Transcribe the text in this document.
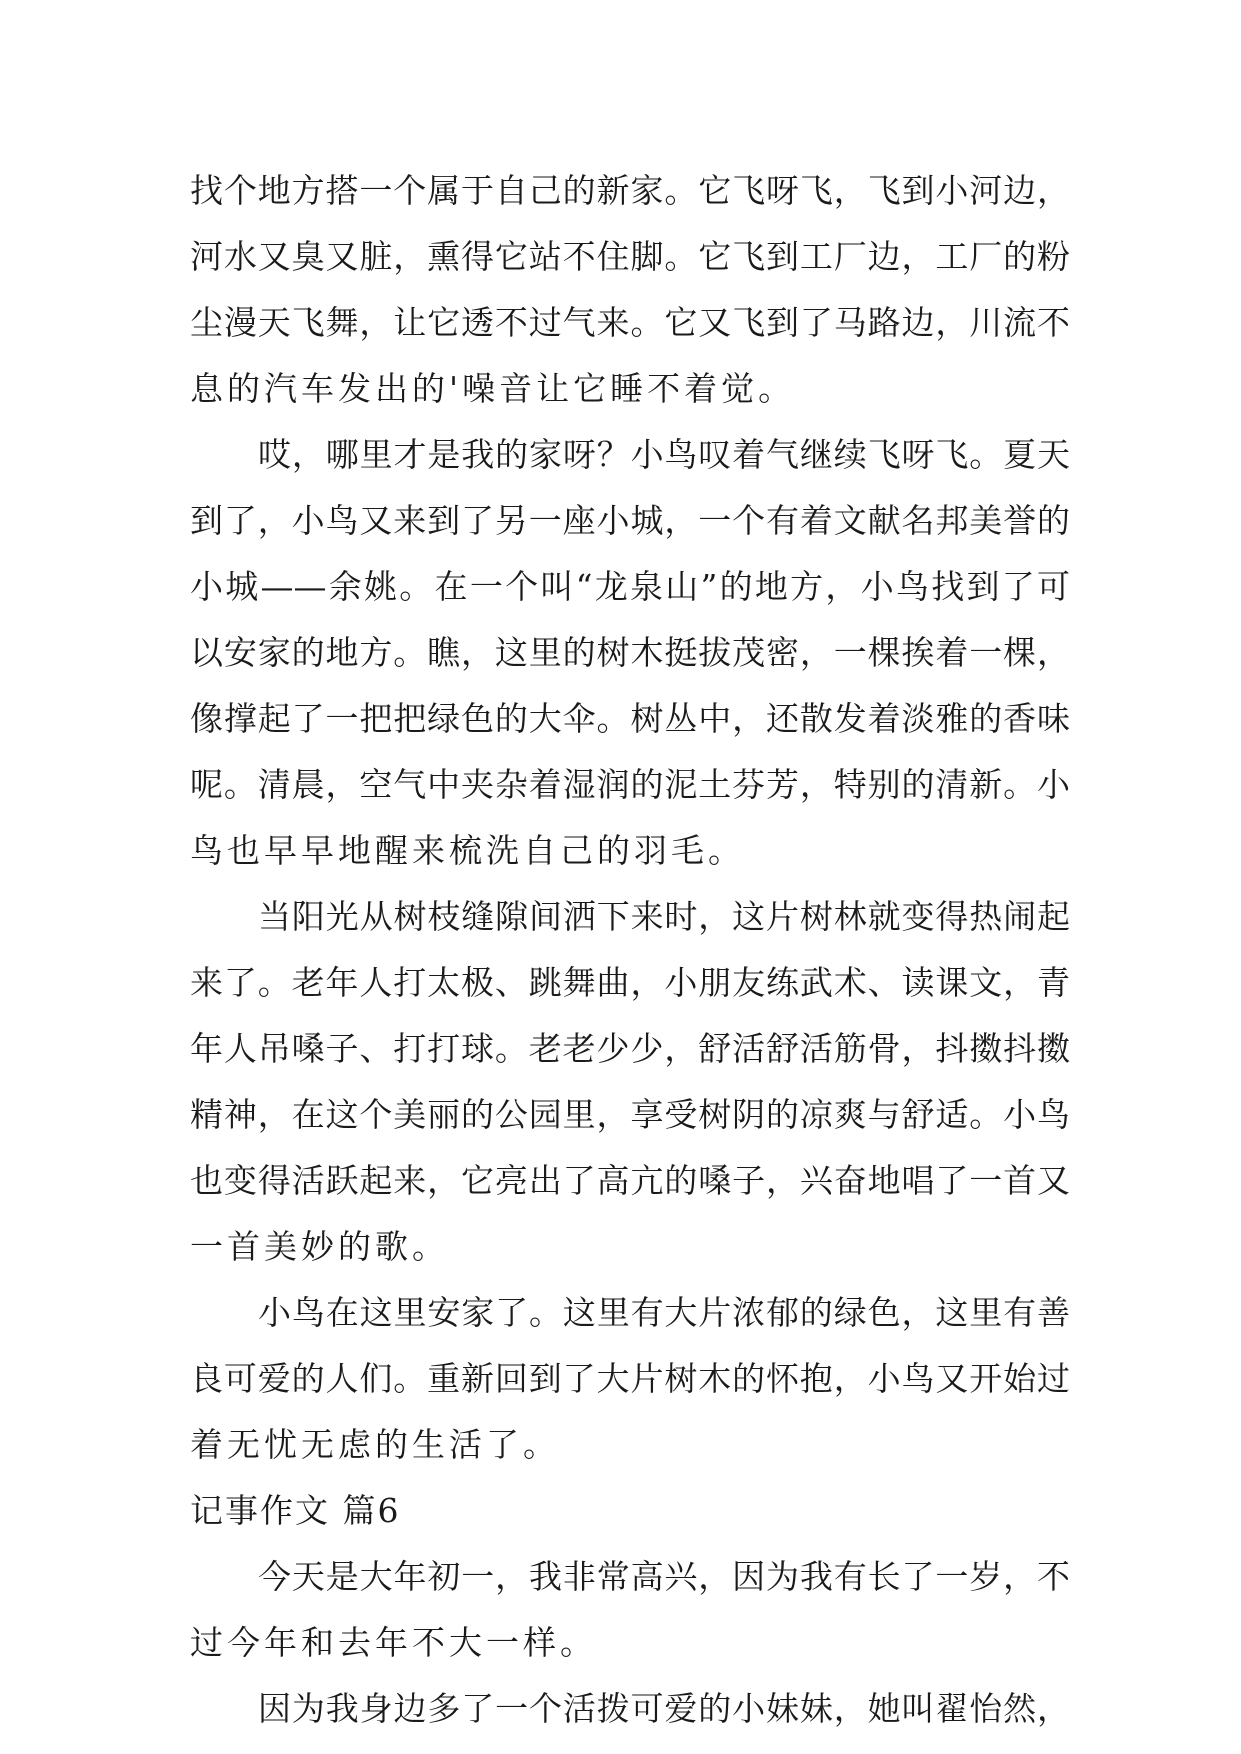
找个地方搭一个属于自己的新家。它飞呀飞，飞到小河边，
河水又臭又脏，熏得它站不住脚。它飞到工厂边，工厂的粉
尘漫天飞舞，让它透不过气来。它又飞到了马路边，川流不
息的汽车发出的'噪音让它睡不着觉。
哎，哪里才是我的家呀？小鸟叹着气继续飞呀飞。夏天
到了，小鸟又来到了另一座小城，一个有着文献名邦美誉的
小城——余姚。在一个叫“龙泉山”的地方，小鸟找到了可
以安家的地方。瞧，这里的树木挺拔茂密，一棵挨着一棵，
像撑起了一把把绿色的大伞。树丛中，还散发着淡雅的香味
呢。清晨，空气中夹杂着湿润的泥土芬芳，特别的清新。小
鸟也早早地醒来梳洗自己的羽毛。
当阳光从树枝缝隙间洒下来时，这片树林就变得热闹起
来了。老年人打太极、跳舞曲，小朋友练武术、读课文，青
年人吊嗓子、打打球。老老少少，舒活舒活筋骨，抖擞抖擞
精神，在这个美丽的公园里，享受树阴的凉爽与舒适。小鸟
也变得活跃起来，它亮出了高亢的嗓子，兴奋地唱了一首又
一首美妙的歌。
小鸟在这里安家了。这里有大片浓郁的绿色，这里有善
良可爱的人们。重新回到了大片树木的怀抱，小鸟又开始过
着无忧无虑的生活了。
记事作文 篇6
今天是大年初一，我非常高兴，因为我有长了一岁，不
过今年和去年不大一样。
因为我身边多了一个活拨可爱的小妹妹，她叫翟怡然，
